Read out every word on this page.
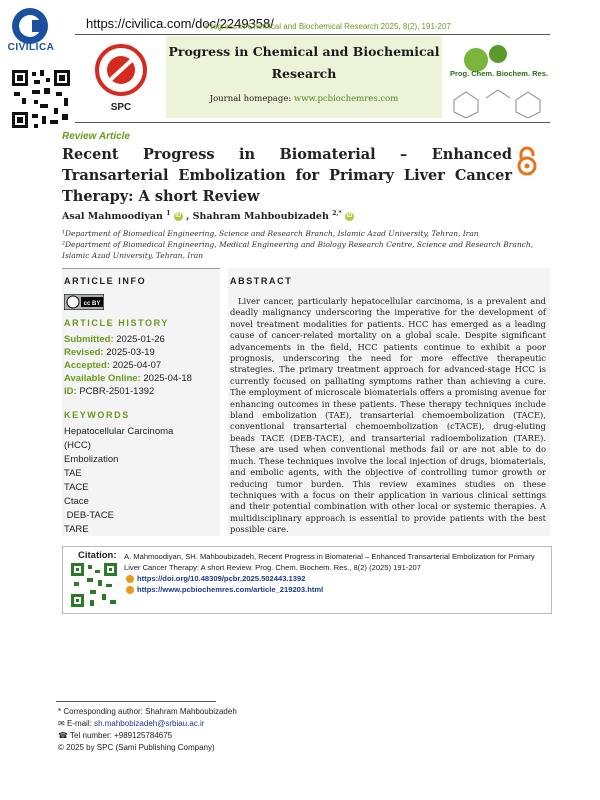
CIVILICA
https://civilica.com/doc/2249358/
Progress in Chemical and Biochemical Research 2025, 8(2), 191-207
SPC
Progress in Chemical and Biochemical Research
Journal homepage: www.pcbiochemres.com
Prog. Chem. Biochem. Res.
Review Article
Recent Progress in Biomaterial – Enhanced Transarterial Embolization for Primary Liver Cancer Therapy: A short Review
Asal Mahmoodiyan $^1$ iD , Shahram Mahboubizadeh $^{2,*}$ iD
¹Department of Biomedical Engineering, Science and Research Branch, Islamic Azad University, Tehran, Iran
²Department of Biomedical Engineering, Medical Engineering and Biology Research Centre, Science and Research Branch, Islamic Azad University, Tehran, Iran
ARTICLE INFO
cc BY
ARTICLE HISTORY
Submitted: 2025-01-26
Revised: 2025-03-19
Accepted: 2025-04-07
Available Online: 2025-04-18
ID: PCBR-2501-1392
KEYWORDS
Hepatocellular Carcinoma
(HCC)
Embolization
TAE
TACE
Ctace
DEB-TACE
TARE
ABSTRACT
Liver cancer, particularly hepatocellular carcinoma, is a prevalent and deadly malignancy underscoring the imperative for the development of novel treatment modalities for patients. HCC has emerged as a leading cause of cancer-related mortality on a global scale. Despite significant advancements in the field, HCC patients continue to exhibit a poor prognosis, underscoring the need for more effective therapeutic strategies. The primary treatment approach for advanced-stage HCC is currently focused on palliating symptoms rather than achieving a cure. The employment of microscale biomaterials offers a promising avenue for enhancing outcomes in these patients. These therapy techniques include bland embolization (TAE), transarterial chemoembolization (TACE), conventional transarterial chemoembolization (cTACE), drug-eluting beads TACE (DEB-TACE), and transarterial radioembolization (TARE). These are used when conventional methods fail or are not able to do much. These techniques involve the local injection of drugs, biomaterials, and embolic agents, with the objective of controlling tumor growth or reducing tumor burden. This review examines studies on these techniques with a focus on their application in various clinical settings and their potential combination with other local or systemic therapies. A multidisciplinary approach is essential to provide patients with the best possible care.
Citation: A. Mahmoodiyan, SH. Mahboubizadeh, Recent Progress in Biomaterial – Enhanced Transarterial Embolization for Primary Liver Cancer Therapy: A short Review. Prog. Chem. Biochem. Res., 8(2) (2025) 191-207
https://doi.org/10.48309/pcbr.2025.502443.1392
https://www.pcbiochemres.com/article_219203.html
* Corresponding author: Shahram Mahboubizadeh
✉ E-mail: sh.mahbobizadeh@srbiau.ac.ir
☎ Tel number: +989125784675
© 2025 by SPC (Sami Publishing Company)
